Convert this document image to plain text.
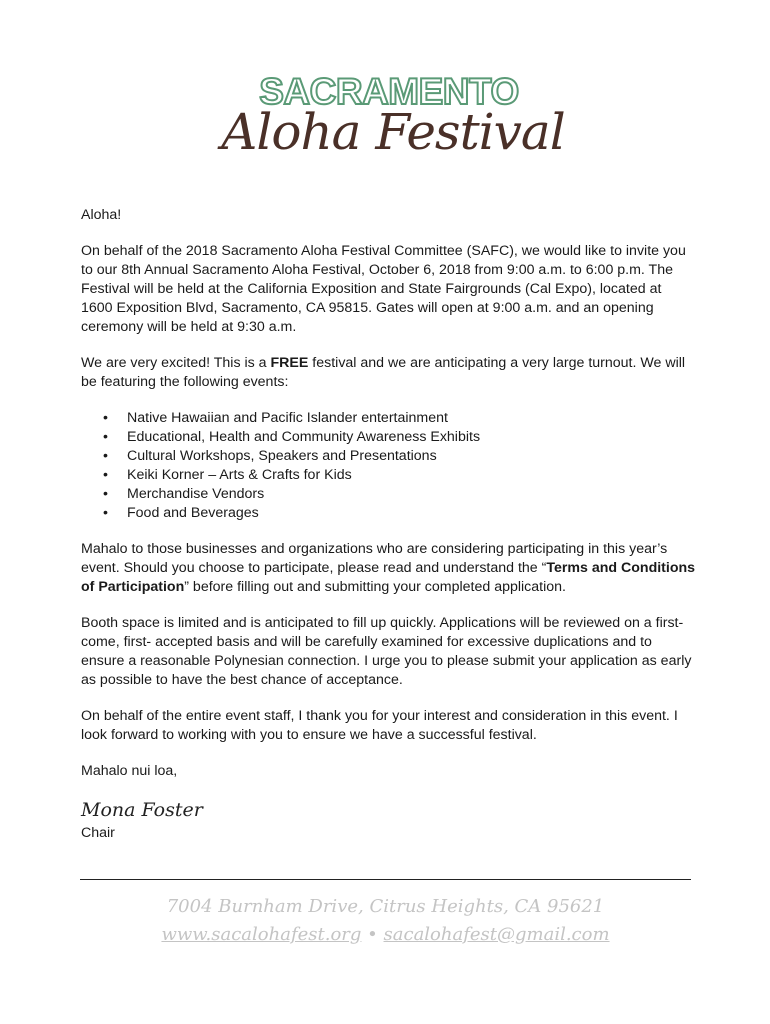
SACRAMENTO
Aloha Festival

Aloha!

On behalf of the 2018 Sacramento Aloha Festival Committee (SAFC), we would like to invite you to our 8th Annual Sacramento Aloha Festival, October 6, 2018 from 9:00 a.m. to 6:00 p.m. The Festival will be held at the California Exposition and State Fairgrounds (Cal Expo), located at 1600 Exposition Blvd, Sacramento, CA 95815. Gates will open at 9:00 a.m. and an opening ceremony will be held at 9:30 a.m.

We are very excited! This is a FREE festival and we are anticipating a very large turnout. We will be featuring the following events:

• Native Hawaiian and Pacific Islander entertainment
• Educational, Health and Community Awareness Exhibits
• Cultural Workshops, Speakers and Presentations
• Keiki Korner – Arts & Crafts for Kids
• Merchandise Vendors
• Food and Beverages

Mahalo to those businesses and organizations who are considering participating in this year’s event. Should you choose to participate, please read and understand the “Terms and Conditions of Participation” before filling out and submitting your completed application.

Booth space is limited and is anticipated to fill up quickly. Applications will be reviewed on a first-come, first- accepted basis and will be carefully examined for excessive duplications and to ensure a reasonable Polynesian connection. I urge you to please submit your application as early as possible to have the best chance of acceptance.

On behalf of the entire event staff, I thank you for your interest and consideration in this event. I look forward to working with you to ensure we have a successful festival.

Mahalo nui loa,

Mona Foster

Chair

7004 Burnham Drive, Citrus Heights, CA 95621
www.sacalohafest.org • sacalohafest@gmail.com
